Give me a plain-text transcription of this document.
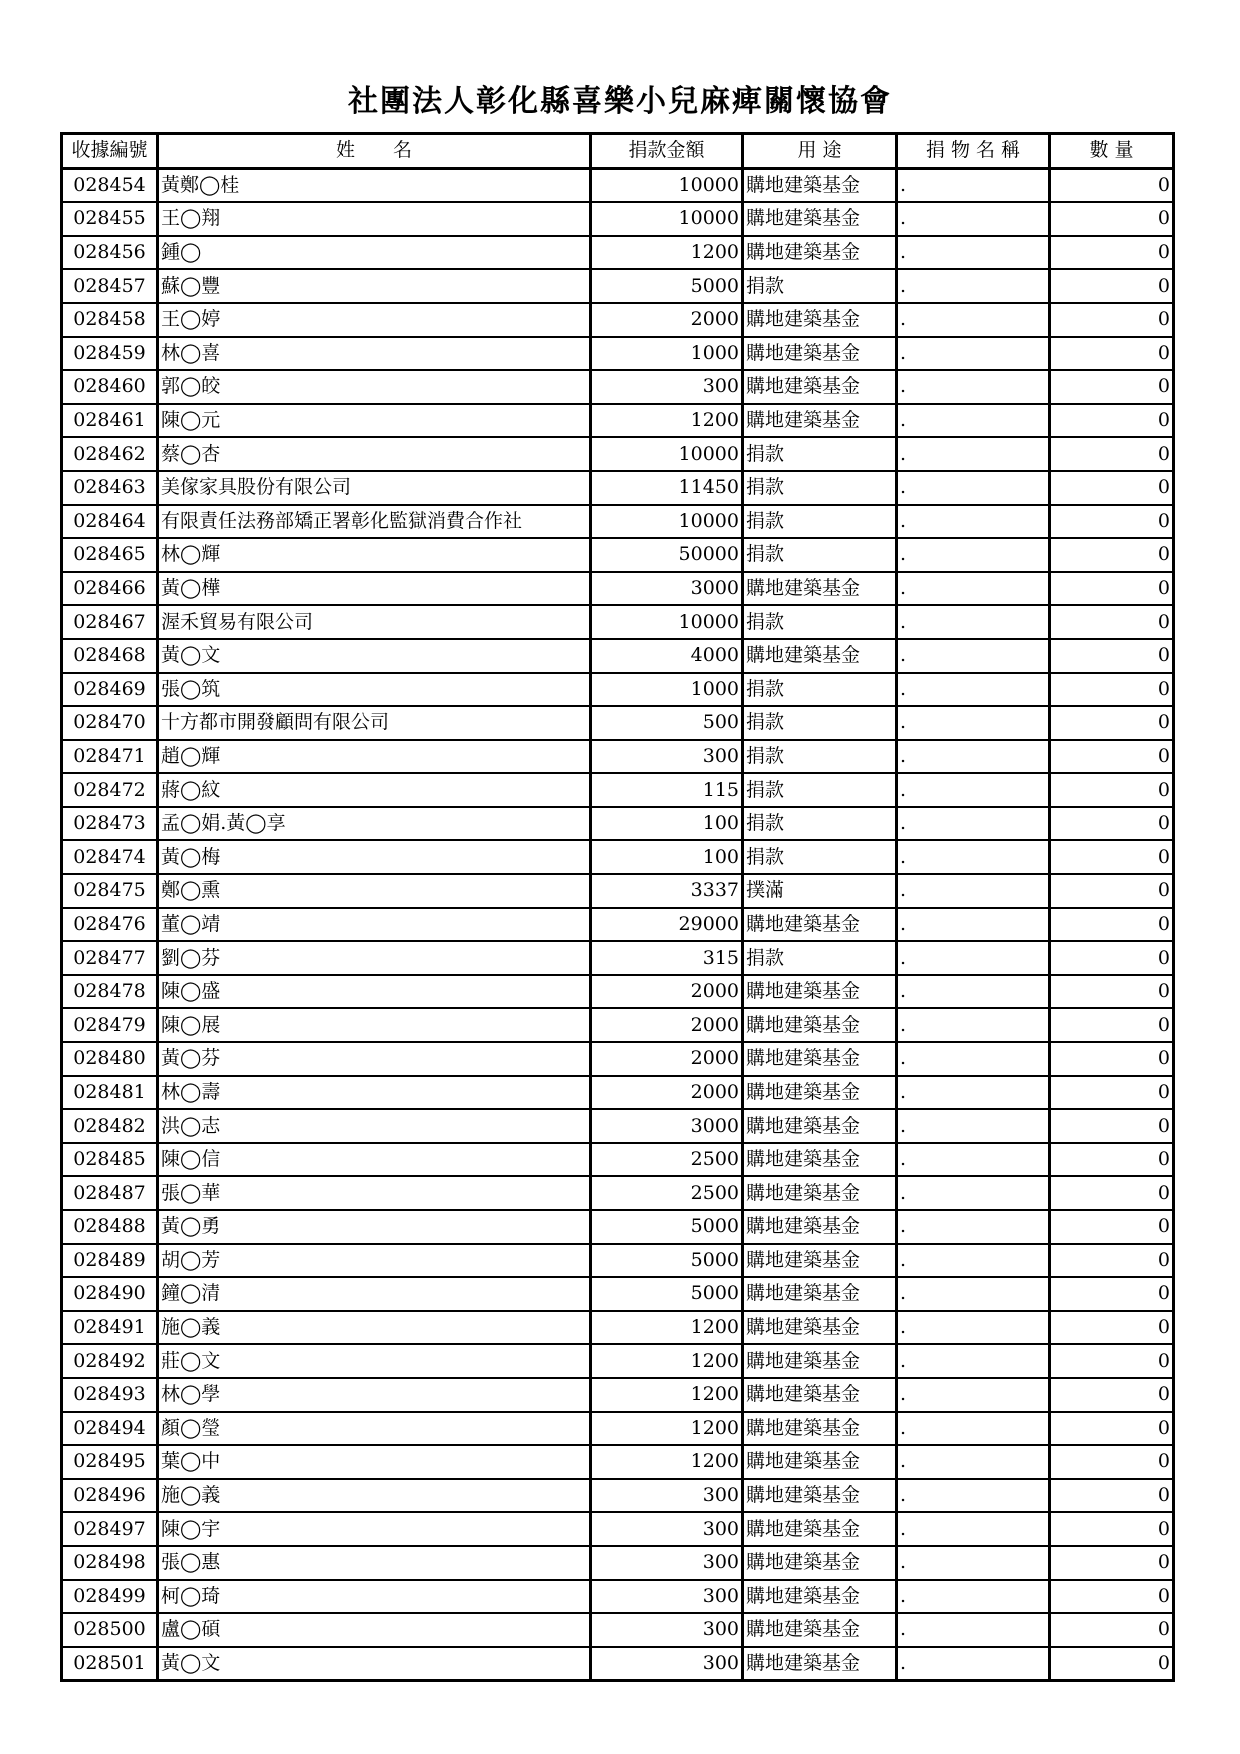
社團法人彰化縣喜樂小兒麻痺關懷協會
收據編號	姓　　名	捐款金額	用 途	捐 物 名 稱	數 量
028454	黃鄭◯桂	10000	購地建築基金	.	0
028455	王◯翔	10000	購地建築基金	.	0
028456	鍾◯	1200	購地建築基金	.	0
028457	蘇◯豐	5000	捐款	.	0
028458	王◯婷	2000	購地建築基金	.	0
028459	林◯喜	1000	購地建築基金	.	0
028460	郭◯皎	300	購地建築基金	.	0
028461	陳◯元	1200	購地建築基金	.	0
028462	蔡◯杏	10000	捐款	.	0
028463	美傢家具股份有限公司	11450	捐款	.	0
028464	有限責任法務部矯正署彰化監獄消費合作社	10000	捐款	.	0
028465	林◯輝	50000	捐款	.	0
028466	黃◯樺	3000	購地建築基金	.	0
028467	渥禾貿易有限公司	10000	捐款	.	0
028468	黃◯文	4000	購地建築基金	.	0
028469	張◯筑	1000	捐款	.	0
028470	十方都市開發顧問有限公司	500	捐款	.	0
028471	趙◯輝	300	捐款	.	0
028472	蔣◯紋	115	捐款	.	0
028473	孟◯娟.黃◯享	100	捐款	.	0
028474	黃◯梅	100	捐款	.	0
028475	鄭◯熏	3337	撲滿	.	0
028476	董◯靖	29000	購地建築基金	.	0
028477	劉◯芬	315	捐款	.	0
028478	陳◯盛	2000	購地建築基金	.	0
028479	陳◯展	2000	購地建築基金	.	0
028480	黃◯芬	2000	購地建築基金	.	0
028481	林◯壽	2000	購地建築基金	.	0
028482	洪◯志	3000	購地建築基金	.	0
028485	陳◯信	2500	購地建築基金	.	0
028487	張◯華	2500	購地建築基金	.	0
028488	黃◯勇	5000	購地建築基金	.	0
028489	胡◯芳	5000	購地建築基金	.	0
028490	鐘◯清	5000	購地建築基金	.	0
028491	施◯義	1200	購地建築基金	.	0
028492	莊◯文	1200	購地建築基金	.	0
028493	林◯學	1200	購地建築基金	.	0
028494	顏◯瑩	1200	購地建築基金	.	0
028495	葉◯中	1200	購地建築基金	.	0
028496	施◯義	300	購地建築基金	.	0
028497	陳◯宇	300	購地建築基金	.	0
028498	張◯惠	300	購地建築基金	.	0
028499	柯◯琦	300	購地建築基金	.	0
028500	盧◯碩	300	購地建築基金	.	0
028501	黃◯文	300	購地建築基金	.	0
